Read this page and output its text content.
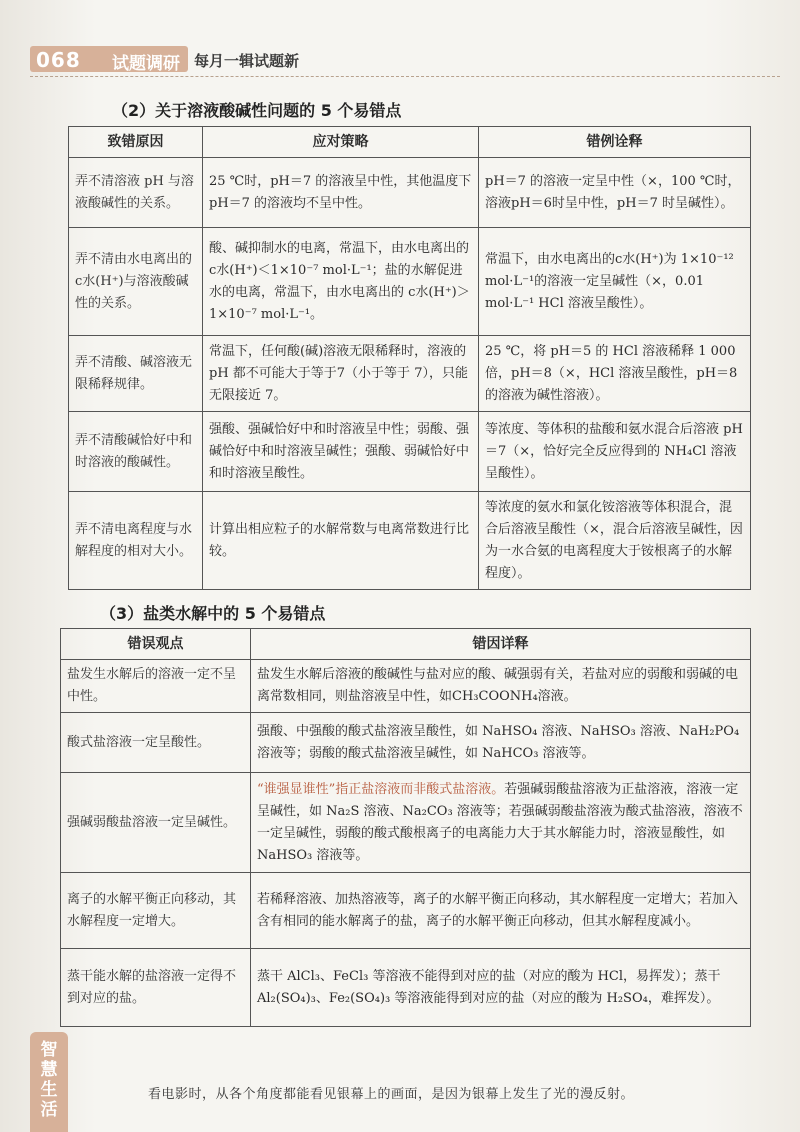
068 试题调研 每月一辑试题新
（2）关于溶液酸碱性问题的 5 个易错点
致错原因	应对策略	错例诠释
弄不清溶液 pH 与溶液酸碱性的关系。	25 ℃时，pH＝7 的溶液呈中性，其他温度下 pH＝7 的溶液均不呈中性。	pH＝7 的溶液一定呈中性（×，100 ℃时，溶液pH＝6时呈中性，pH＝7 时呈碱性）。
弄不清由水电离出的c水(H⁺)与溶液酸碱性的关系。	酸、碱抑制水的电离，常温下，由水电离出的c水(H⁺)＜1×10⁻⁷ mol·L⁻¹；盐的水解促进水的电离，常温下，由水电离出的 c水(H⁺)＞1×10⁻⁷ mol·L⁻¹。	常温下，由水电离出的c水(H⁺)为 1×10⁻¹² mol·L⁻¹的溶液一定呈碱性（×，0.01 mol·L⁻¹ HCl 溶液呈酸性）。
弄不清酸、碱溶液无限稀释规律。	常温下，任何酸(碱)溶液无限稀释时，溶液的 pH 都不可能大于等于7（小于等于 7），只能无限接近 7。	25 ℃，将 pH＝5 的 HCl 溶液稀释 1 000 倍，pH＝8（×，HCl 溶液呈酸性，pH＝8 的溶液为碱性溶液）。
弄不清酸碱恰好中和时溶液的酸碱性。	强酸、强碱恰好中和时溶液呈中性；弱酸、强碱恰好中和时溶液呈碱性；强酸、弱碱恰好中和时溶液呈酸性。	等浓度、等体积的盐酸和氨水混合后溶液 pH＝7（×，恰好完全反应得到的 NH₄Cl 溶液呈酸性）。
弄不清电离程度与水解程度的相对大小。	计算出相应粒子的水解常数与电离常数进行比较。	等浓度的氨水和氯化铵溶液等体积混合，混合后溶液呈酸性（×，混合后溶液呈碱性，因为一水合氨的电离程度大于铵根离子的水解程度）。
（3）盐类水解中的 5 个易错点
错误观点	错因详释
盐发生水解后的溶液一定不呈中性。	盐发生水解后溶液的酸碱性与盐对应的酸、碱强弱有关，若盐对应的弱酸和弱碱的电离常数相同，则盐溶液呈中性，如CH₃COONH₄溶液。
酸式盐溶液一定呈酸性。	强酸、中强酸的酸式盐溶液呈酸性，如 NaHSO₄ 溶液、NaHSO₃ 溶液、NaH₂PO₄ 溶液等；弱酸的酸式盐溶液呈碱性，如 NaHCO₃ 溶液等。
强碱弱酸盐溶液一定呈碱性。	“谁强显谁性”指正盐溶液而非酸式盐溶液。若强碱弱酸盐溶液为正盐溶液，溶液一定呈碱性，如 Na₂S 溶液、Na₂CO₃ 溶液等；若强碱弱酸盐溶液为酸式盐溶液，溶液不一定呈碱性，弱酸的酸式酸根离子的电离能力大于其水解能力时，溶液显酸性，如 NaHSO₃ 溶液等。
离子的水解平衡正向移动，其水解程度一定增大。	若稀释溶液、加热溶液等，离子的水解平衡正向移动，其水解程度一定增大；若加入含有相同的能水解离子的盐，离子的水解平衡正向移动，但其水解程度减小。
蒸干能水解的盐溶液一定得不到对应的盐。	蒸干 AlCl₃、FeCl₃ 等溶液不能得到对应的盐（对应的酸为 HCl，易挥发）；蒸干 Al₂(SO₄)₃、Fe₂(SO₄)₃ 等溶液能得到对应的盐（对应的酸为 H₂SO₄，难挥发）。
智慧生活
看电影时，从各个角度都能看见银幕上的画面，是因为银幕上发生了光的漫反射。
